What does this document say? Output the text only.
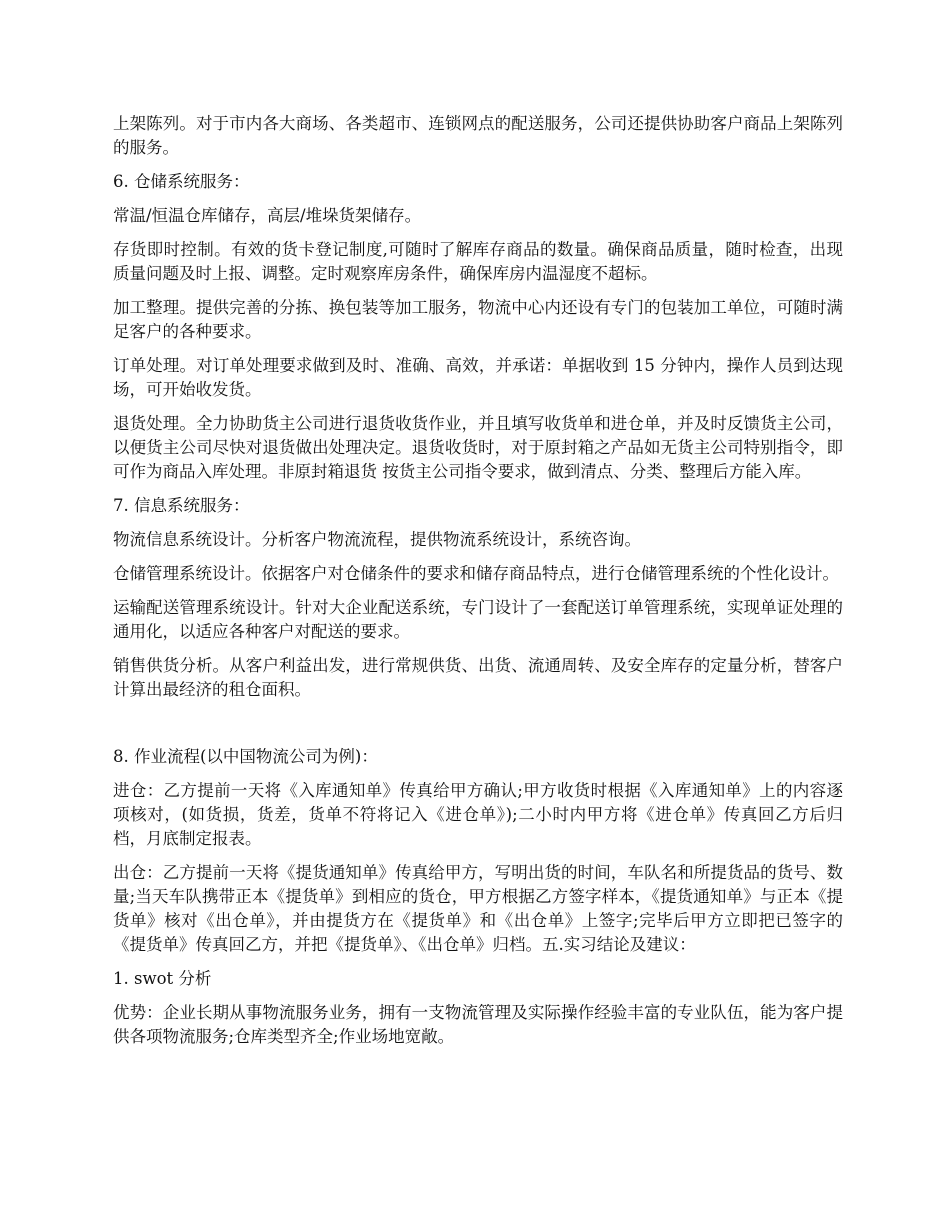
上架陈列。对于市内各大商场、各类超市、连锁网点的配送服务，公司还提供协助客户商品上架陈列的服务。

6. 仓储系统服务：

常温/恒温仓库储存，高层/堆垛货架储存。

存货即时控制。有效的货卡登记制度,可随时了解库存商品的数量。确保商品质量，随时检查，出现质量问题及时上报、调整。定时观察库房条件，确保库房内温湿度不超标。

加工整理。提供完善的分拣、换包装等加工服务，物流中心内还设有专门的包装加工单位，可随时满足客户的各种要求。

订单处理。对订单处理要求做到及时、准确、高效，并承诺：单据收到 15 分钟内，操作人员到达现场，可开始收发货。

退货处理。全力协助货主公司进行退货收货作业，并且填写收货单和进仓单，并及时反馈货主公司，以便货主公司尽快对退货做出处理决定。退货收货时，对于原封箱之产品如无货主公司特别指令，即可作为商品入库处理。非原封箱退货 按货主公司指令要求，做到清点、分类、整理后方能入库。

7. 信息系统服务：

物流信息系统设计。分析客户物流流程，提供物流系统设计，系统咨询。

仓储管理系统设计。依据客户对仓储条件的要求和储存商品特点，进行仓储管理系统的个性化设计。

运输配送管理系统设计。针对大企业配送系统，专门设计了一套配送订单管理系统，实现单证处理的通用化，以适应各种客户对配送的要求。

销售供货分析。从客户利益出发，进行常规供货、出货、流通周转、及安全库存的定量分析，替客户计算出最经济的租仓面积。

8. 作业流程(以中国物流公司为例)：

进仓：乙方提前一天将《入库通知单》传真给甲方确认;甲方收货时根据《入库通知单》上的内容逐项核对，(如货损，货差，货单不符将记入《进仓单》);二小时内甲方将《进仓单》传真回乙方后归档，月底制定报表。

出仓：乙方提前一天将《提货通知单》传真给甲方，写明出货的时间，车队名和所提货品的货号、数量;当天车队携带正本《提货单》到相应的货仓，甲方根据乙方签字样本，《提货通知单》与正本《提货单》核对《出仓单》，并由提货方在《提货单》和《出仓单》上签字;完毕后甲方立即把已签字的《提货单》传真回乙方，并把《提货单》、《出仓单》归档。五.实习结论及建议：

1. swot 分析

优势：企业长期从事物流服务业务，拥有一支物流管理及实际操作经验丰富的专业队伍，能为客户提供各项物流服务;仓库类型齐全;作业场地宽敞。
